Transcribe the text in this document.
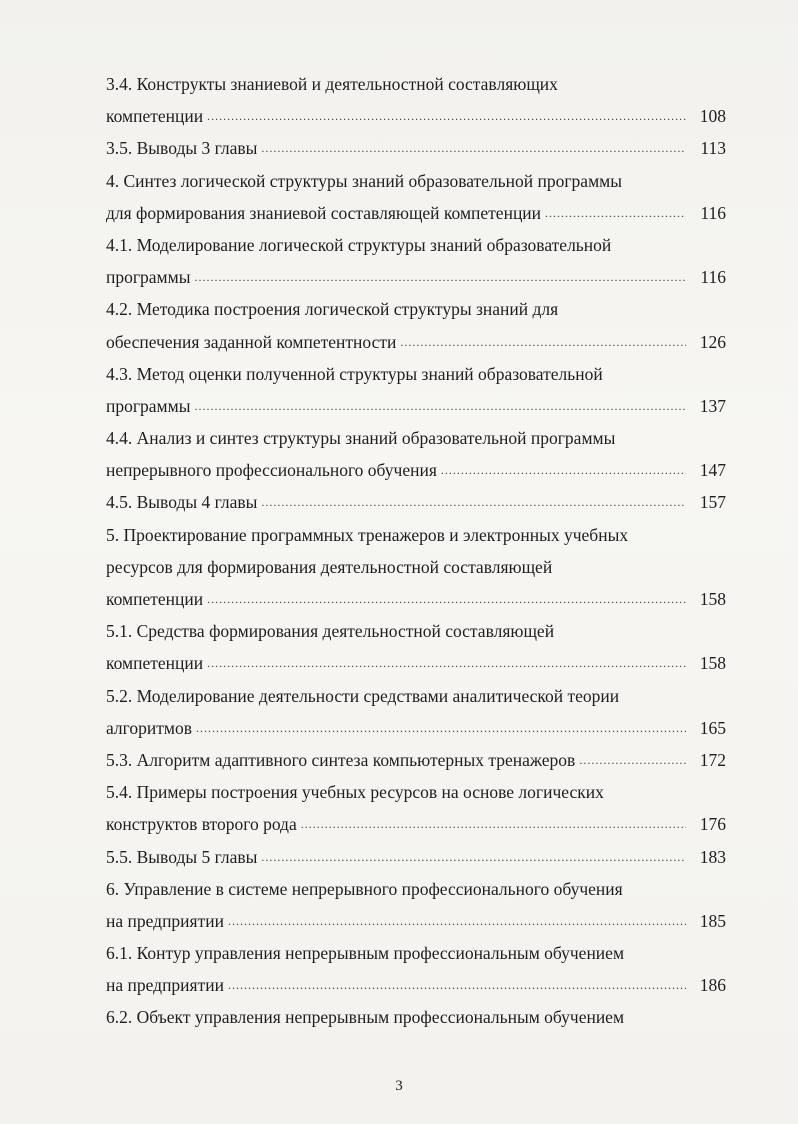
3.4. Конструкты знаниевой и деятельностной составляющих
компетенции .....	108
3.5. Выводы 3 главы .....	113
4. Синтез логической структуры знаний образовательной программы
для формирования знаниевой составляющей компетенции .....	116
4.1. Моделирование логической структуры знаний образовательной
программы .....	116
4.2. Методика построения логической структуры знаний для
обеспечения заданной компетентности .....	126
4.3. Метод оценки полученной структуры знаний образовательной
программы .....	137
4.4. Анализ и синтез структуры знаний образовательной программы
непрерывного профессионального обучения .....	147
4.5. Выводы 4 главы .....	157
5. Проектирование программных тренажеров и электронных учебных
ресурсов для формирования деятельностной составляющей
компетенции .....	158
5.1. Средства формирования деятельностной составляющей
компетенции .....	158
5.2. Моделирование деятельности средствами аналитической теории
алгоритмов .....	165
5.3. Алгоритм адаптивного синтеза компьютерных тренажеров .....	172
5.4. Примеры построения учебных ресурсов на основе логических
конструктов второго рода .....	176
5.5. Выводы 5 главы .....	183
6. Управление в системе непрерывного профессионального обучения
на предприятии .....	185
6.1. Контур управления непрерывным профессиональным обучением
на предприятии .....	186
6.2. Объект управления непрерывным профессиональным обучением
3
